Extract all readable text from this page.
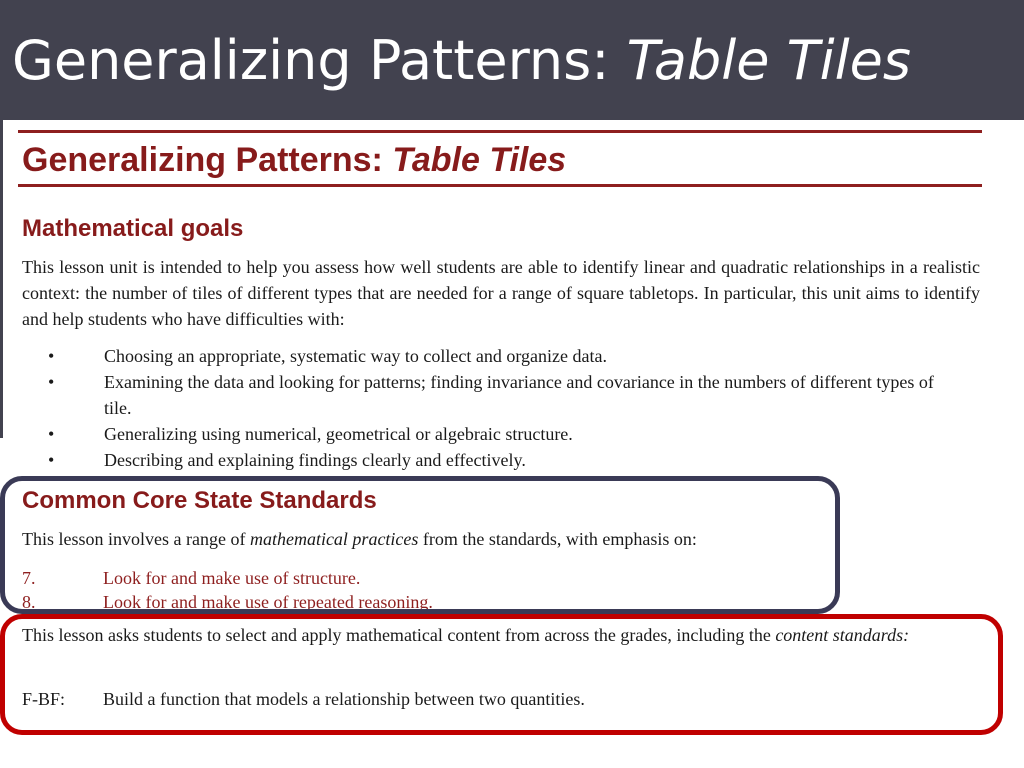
Generalizing Patterns: Table Tiles
Generalizing Patterns: Table Tiles
Mathematical goals

This lesson unit is intended to help you assess how well students are able to identify linear and quadratic relationships in a realistic context: the number of tiles of different types that are needed for a range of square tabletops. In particular, this unit aims to identify and help students who have difficulties with:

•	Choosing an appropriate, systematic way to collect and organize data.
•	Examining the data and looking for patterns; finding invariance and covariance in the numbers of different types of tile.
•	Generalizing using numerical, geometrical or algebraic structure.
•	Describing and explaining findings clearly and effectively.
Common Core State Standards

This lesson involves a range of mathematical practices from the standards, with emphasis on:

7.	Look for and make use of structure.
8.	Look for and make use of repeated reasoning.

This lesson asks students to select and apply mathematical content from across the grades, including the content standards:

F-BF: Build a function that models a relationship between two quantities.
